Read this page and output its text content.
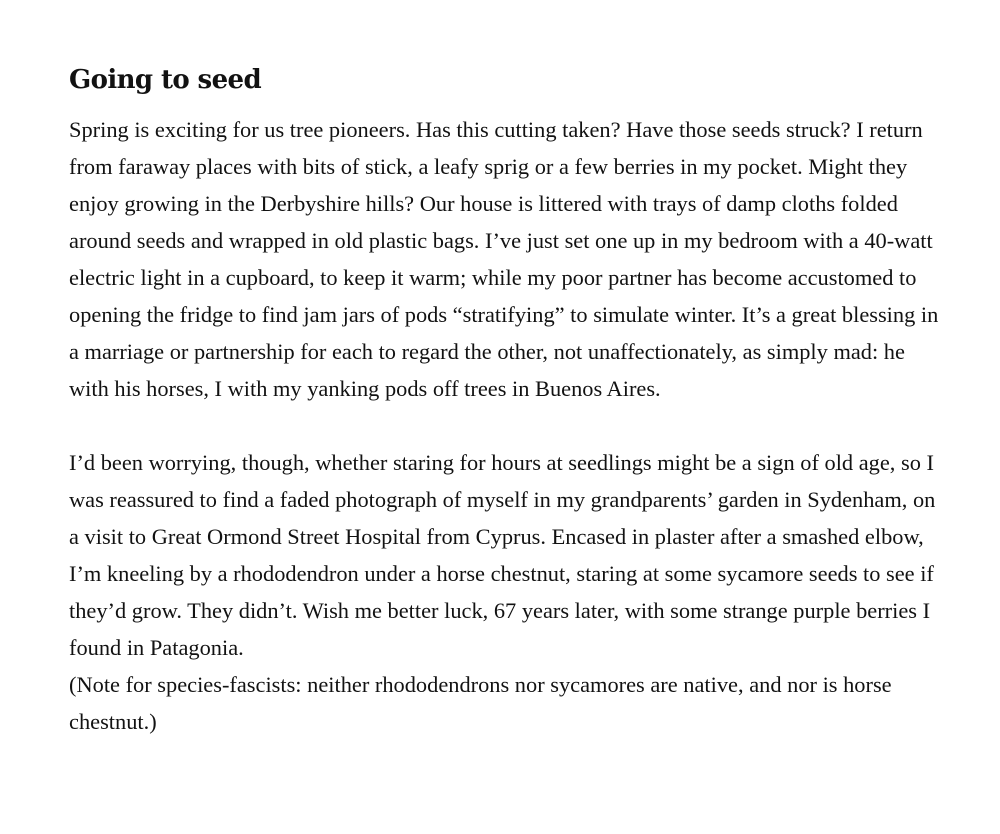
Going to seed

Spring is exciting for us tree pioneers. Has this cutting taken? Have those seeds struck? I return from faraway places with bits of stick, a leafy sprig or a few berries in my pocket. Might they enjoy growing in the Derbyshire hills? Our house is littered with trays of damp cloths folded around seeds and wrapped in old plastic bags. I’ve just set one up in my bedroom with a 40-watt electric light in a cupboard, to keep it warm; while my poor partner has become accustomed to opening the fridge to find jam jars of pods “stratifying” to simulate winter. It’s a great blessing in a marriage or partnership for each to regard the other, not unaffectionately, as simply mad: he with his horses, I with my yanking pods off trees in Buenos Aires.

I’d been worrying, though, whether staring for hours at seedlings might be a sign of old age, so I was reassured to find a faded photograph of myself in my grandparents’ garden in Sydenham, on a visit to Great Ormond Street Hospital from Cyprus. Encased in plaster after a smashed elbow, I’m kneeling by a rhododendron under a horse chestnut, staring at some sycamore seeds to see if they’d grow. They didn’t. Wish me better luck, 67 years later, with some strange purple berries I found in Patagonia.

(Note for species-fascists: neither rhododendrons nor sycamores are native, and nor is horse chestnut.)
